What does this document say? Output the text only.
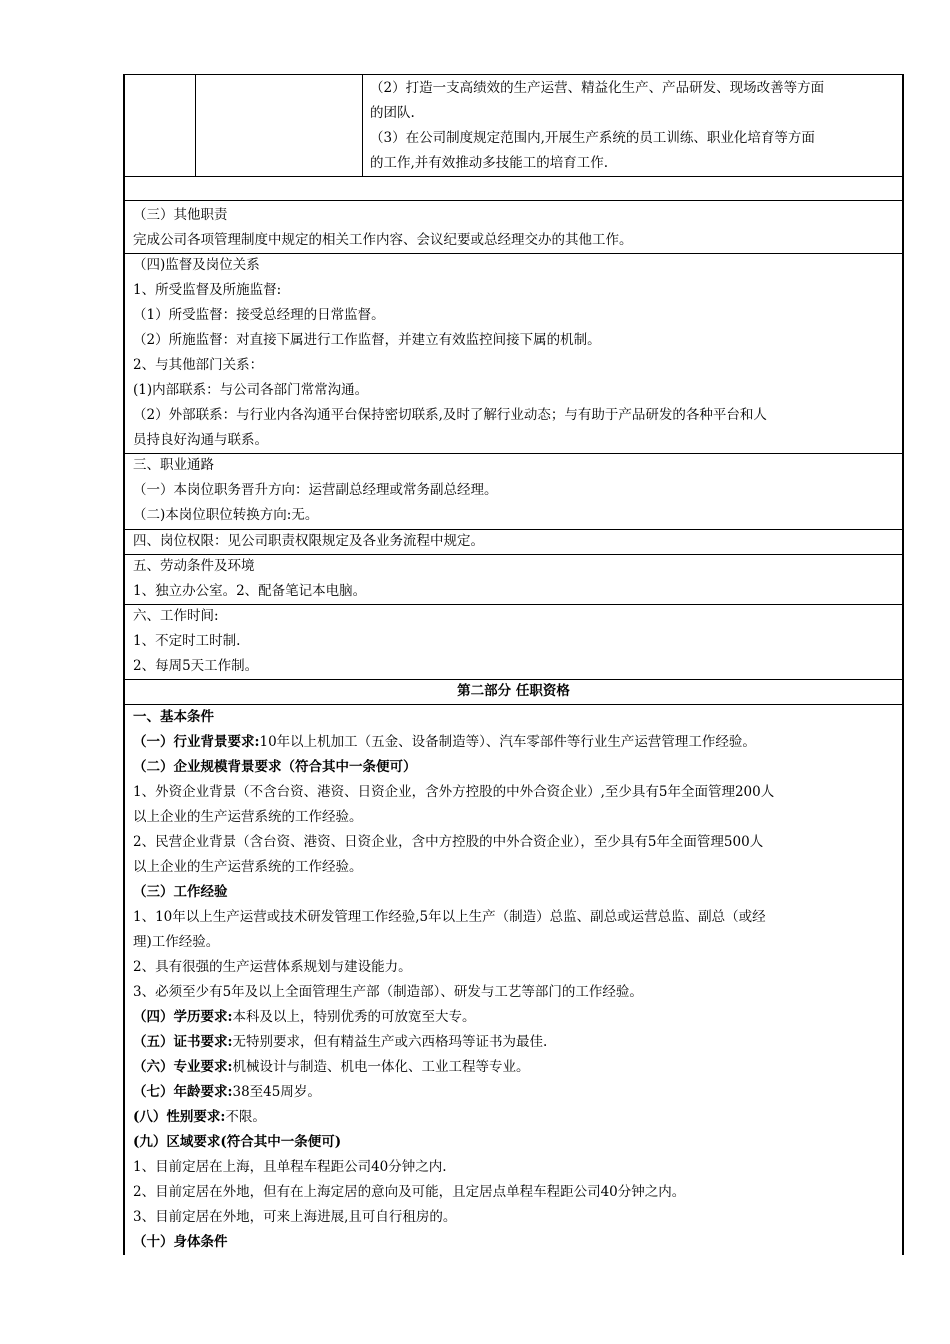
（2）打造一支高绩效的生产运营、精益化生产、产品研发、现场改善等方面
的团队.
（3）在公司制度规定范围内,开展生产系统的员工训练、职业化培育等方面
的工作,并有效推动多技能工的培育工作.
（三）其他职责
完成公司各项管理制度中规定的相关工作内容、会议纪要或总经理交办的其他工作。
（四)监督及岗位关系
1、所受监督及所施监督:
（1）所受监督：接受总经理的日常监督。
（2）所施监督：对直接下属进行工作监督，并建立有效监控间接下属的机制。
2、与其他部门关系：
(1)内部联系：与公司各部门常常沟通。
（2）外部联系：与行业内各沟通平台保持密切联系,及时了解行业动态；与有助于产品研发的各种平台和人
员持良好沟通与联系。
三、职业通路
（一）本岗位职务晋升方向：运营副总经理或常务副总经理。
（二)本岗位职位转换方向:无。
四、岗位权限：见公司职责权限规定及各业务流程中规定。
五、劳动条件及环境
1、独立办公室。2、配备笔记本电脑。
六、工作时间:
1、不定时工时制.
2、每周5天工作制。
第二部分 任职资格
一、基本条件
（一）行业背景要求:10年以上机加工（五金、设备制造等）、汽车零部件等行业生产运营管理工作经验。
（二）企业规模背景要求（符合其中一条便可）
1、外资企业背景（不含台资、港资、日资企业，含外方控股的中外合资企业）,至少具有5年全面管理200人
以上企业的生产运营系统的工作经验。
2、民营企业背景（含台资、港资、日资企业，含中方控股的中外合资企业），至少具有5年全面管理500人
以上企业的生产运营系统的工作经验。
（三）工作经验
1、10年以上生产运营或技术研发管理工作经验,5年以上生产（制造）总监、副总或运营总监、副总（或经
理)工作经验。
2、具有很强的生产运营体系规划与建设能力。
3、必须至少有5年及以上全面管理生产部（制造部）、研发与工艺等部门的工作经验。
（四）学历要求:本科及以上，特别优秀的可放宽至大专。
（五）证书要求:无特别要求，但有精益生产或六西格玛等证书为最佳.
（六）专业要求:机械设计与制造、机电一体化、工业工程等专业。
（七）年龄要求:38至45周岁。
(八）性别要求:不限。
(九）区域要求(符合其中一条便可)
1、目前定居在上海，且单程车程距公司40分钟之内.
2、目前定居在外地，但有在上海定居的意向及可能，且定居点单程车程距公司40分钟之内。
3、目前定居在外地，可来上海进展,且可自行租房的。
（十）身体条件
